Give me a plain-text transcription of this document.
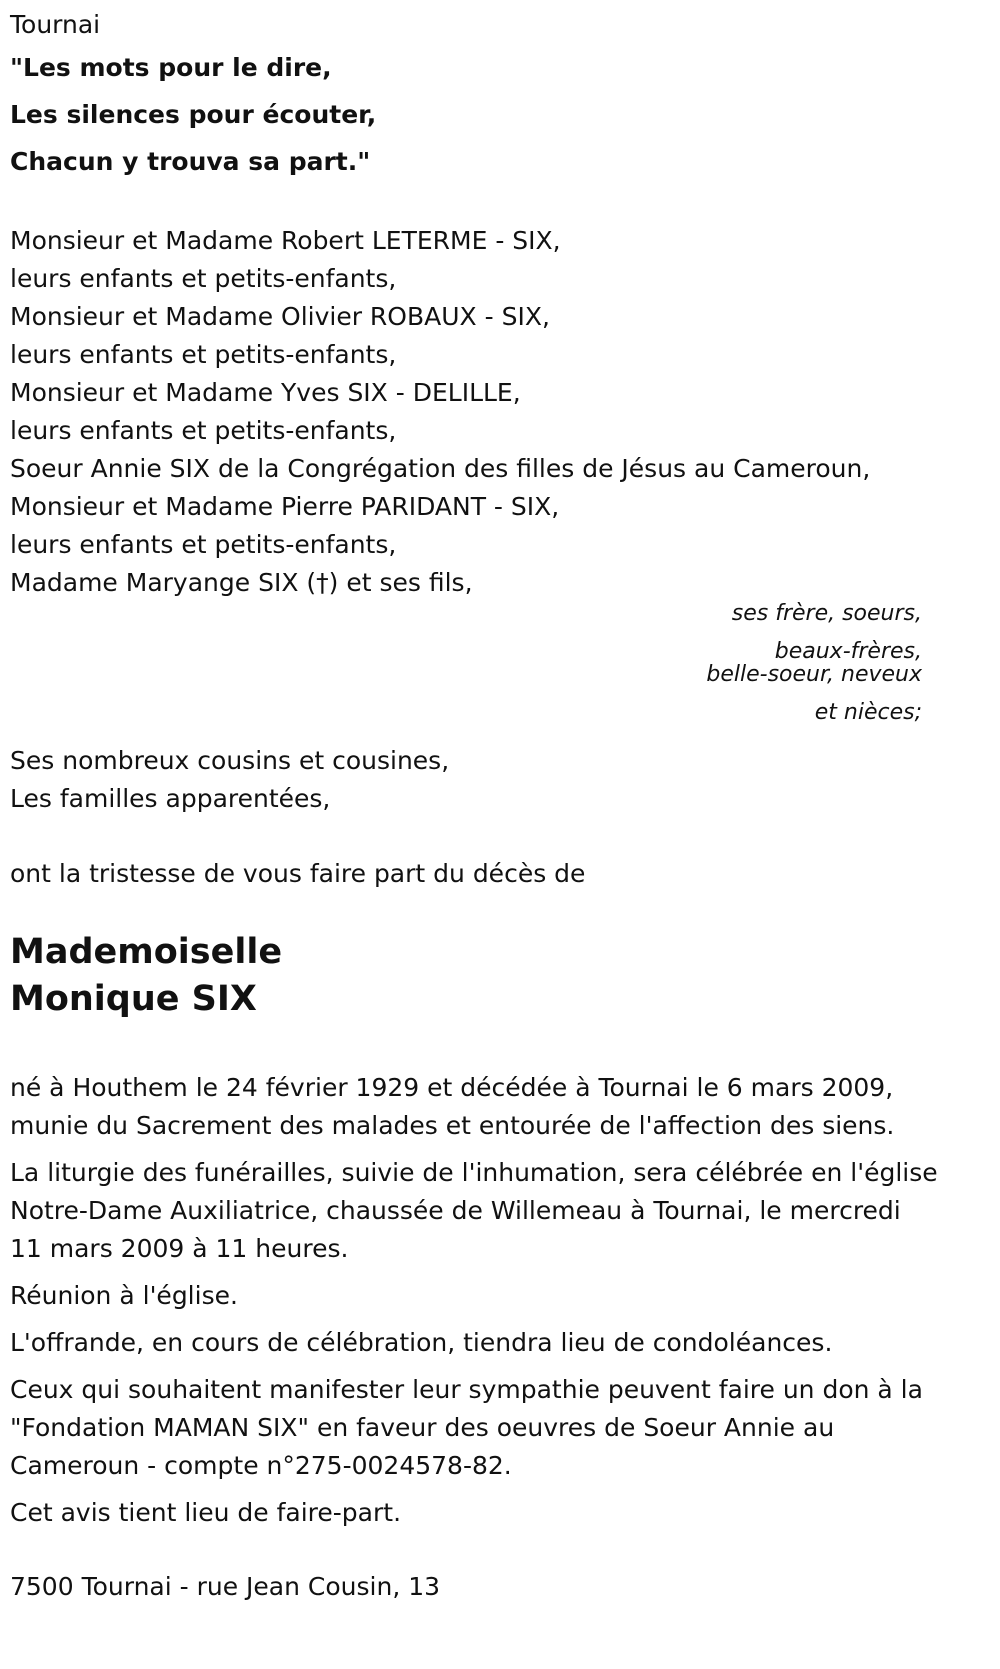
Tournai
"Les mots pour le dire,
Les silences pour écouter,
Chacun y trouva sa part."
Monsieur et Madame Robert LETERME - SIX,
leurs enfants et petits-enfants,
Monsieur et Madame Olivier ROBAUX - SIX,
leurs enfants et petits-enfants,
Monsieur et Madame Yves SIX - DELILLE,
leurs enfants et petits-enfants,
Soeur Annie SIX de la Congrégation des filles de Jésus au Cameroun,
Monsieur et Madame Pierre PARIDANT - SIX,
leurs enfants et petits-enfants,
Madame Maryange SIX (†) et ses fils,
ses frère, soeurs,
beaux-frères,
belle-soeur, neveux
et nièces;
Ses nombreux cousins et cousines,
Les familles apparentées,
ont la tristesse de vous faire part du décès de
Mademoiselle
Monique SIX
né à Houthem le 24 février 1929 et décédée à Tournai le 6 mars 2009, munie du Sacrement des malades et entourée de l'affection des siens.
La liturgie des funérailles, suivie de l'inhumation, sera célébrée en l'église Notre-Dame Auxiliatrice, chaussée de Willemeau à Tournai, le mercredi 11 mars 2009 à 11 heures.
Réunion à l'église.
L'offrande, en cours de célébration, tiendra lieu de condoléances.
Ceux qui souhaitent manifester leur sympathie peuvent faire un don à la "Fondation MAMAN SIX" en faveur des oeuvres de Soeur Annie au Cameroun - compte n°275-0024578-82.
Cet avis tient lieu de faire-part.
7500 Tournai - rue Jean Cousin, 13
